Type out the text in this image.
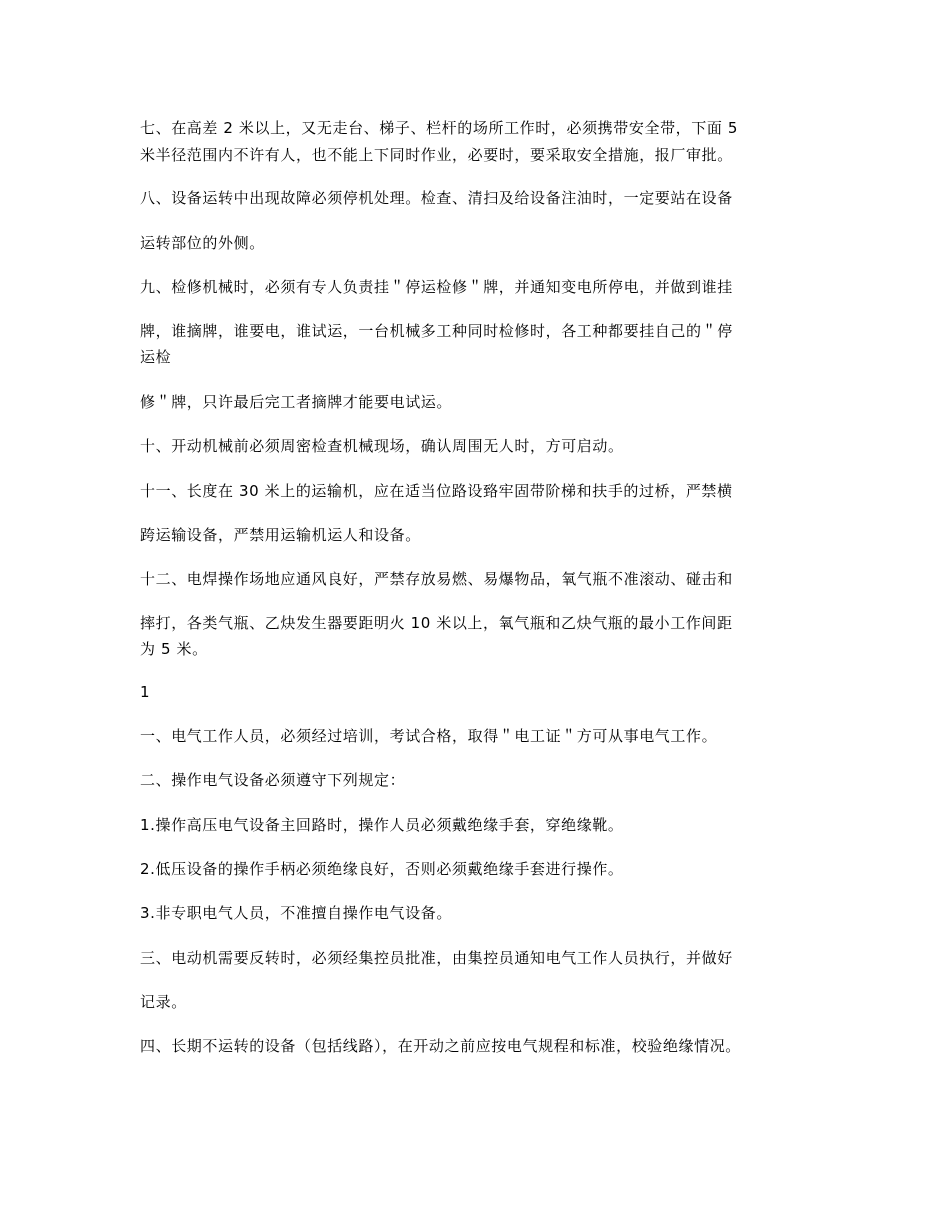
七、在高差 2 米以上，又无走台、梯子、栏杆的场所工作时，必须携带安全带，下面 5
米半径范围内不许有人，也不能上下同时作业，必要时，要采取安全措施，报厂审批。
八、设备运转中出现故障必须停机处理。检查、清扫及给设备注油时，一定要站在设备
运转部位的外侧。
九、检修机械时，必须有专人负责挂＂停运检修＂牌，并通知变电所停电，并做到谁挂
牌，谁摘牌，谁要电，谁试运，一台机械多工种同时检修时，各工种都要挂自己的＂停
运检
修＂牌，只许最后完工者摘牌才能要电试运。
十、开动机械前必须周密检查机械现场，确认周围无人时，方可启动。
十一、长度在 30 米上的运输机，应在适当位路设臵牢固带阶梯和扶手的过桥，严禁横
跨运输设备，严禁用运输机运人和设备。
十二、电焊操作场地应通风良好，严禁存放易燃、易爆物品，氧气瓶不准滚动、碰击和
摔打，各类气瓶、乙炔发生器要距明火 10 米以上，氧气瓶和乙炔气瓶的最小工作间距
为 5 米。
1
一、电气工作人员，必须经过培训，考试合格，取得＂电工证＂方可从事电气工作。
二、操作电气设备必须遵守下列规定：
1.操作高压电气设备主回路时，操作人员必须戴绝缘手套，穿绝缘靴。
2.低压设备的操作手柄必须绝缘良好，否则必须戴绝缘手套进行操作。
3.非专职电气人员，不准擅自操作电气设备。
三、电动机需要反转时，必须经集控员批准，由集控员通知电气工作人员执行，并做好
记录。
四、长期不运转的设备（包括线路），在开动之前应按电气规程和标准，校验绝缘情况。
